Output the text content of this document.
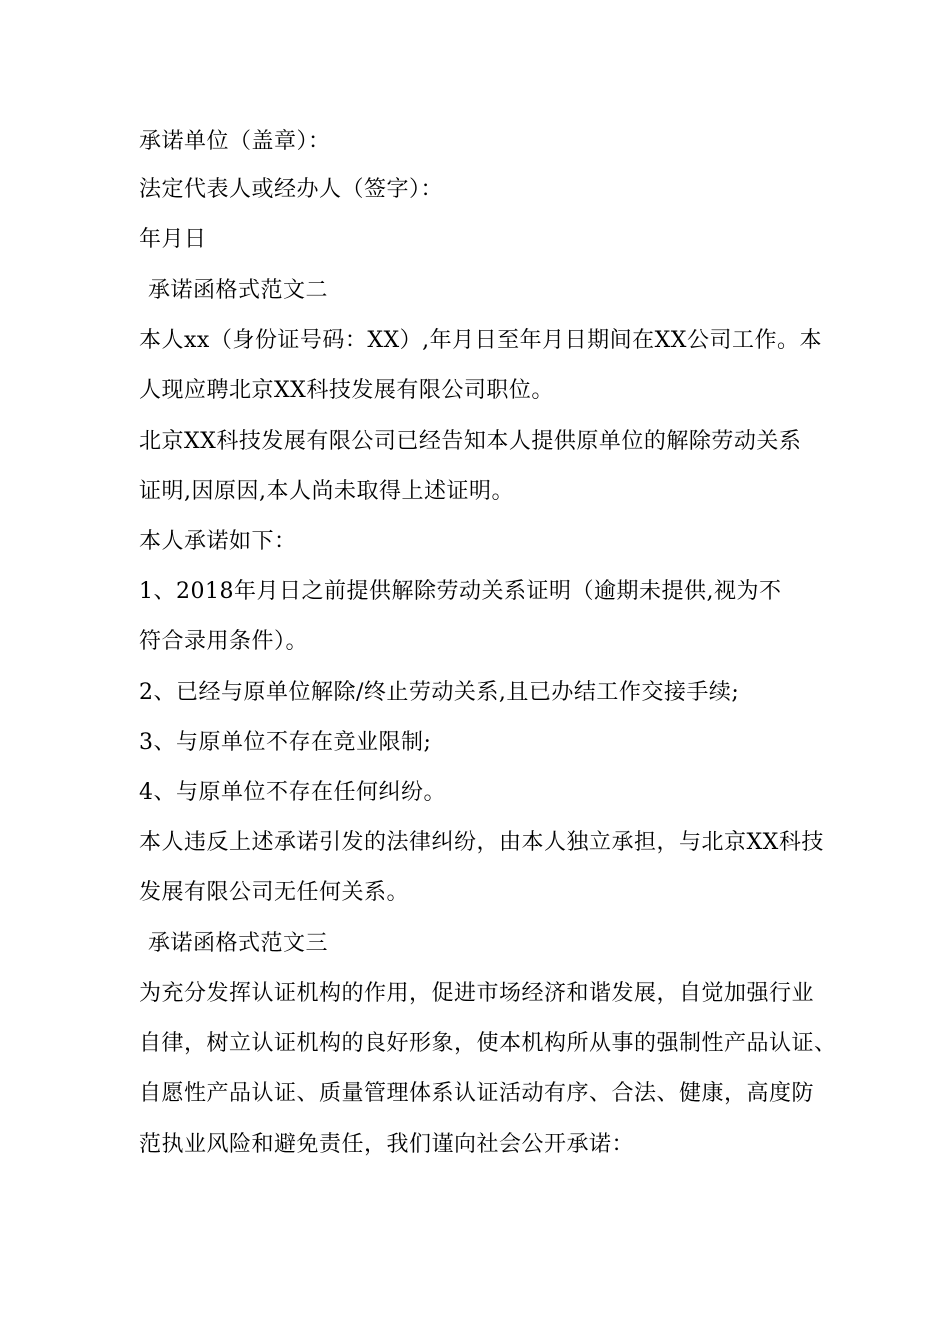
承诺单位（盖章）：
法定代表人或经办人（签字）：
年月日
承诺函格式范文二
本人xx（身份证号码：XX）,年月日至年月日期间在XX公司工作。本
人现应聘北京XX科技发展有限公司职位。
北京XX科技发展有限公司已经告知本人提供原单位的解除劳动关系
证明,因原因,本人尚未取得上述证明。
本人承诺如下：
1、2018年月日之前提供解除劳动关系证明（逾期未提供,视为不
符合录用条件）。
2、已经与原单位解除/终止劳动关系,且已办结工作交接手续;
3、与原单位不存在竞业限制;
4、与原单位不存在任何纠纷。
本人违反上述承诺引发的法律纠纷，由本人独立承担，与北京XX科技
发展有限公司无任何关系。
承诺函格式范文三
为充分发挥认证机构的作用，促进市场经济和谐发展，自觉加强行业
自律，树立认证机构的良好形象，使本机构所从事的强制性产品认证、
自愿性产品认证、质量管理体系认证活动有序、合法、健康，高度防
范执业风险和避免责任，我们谨向社会公开承诺：
